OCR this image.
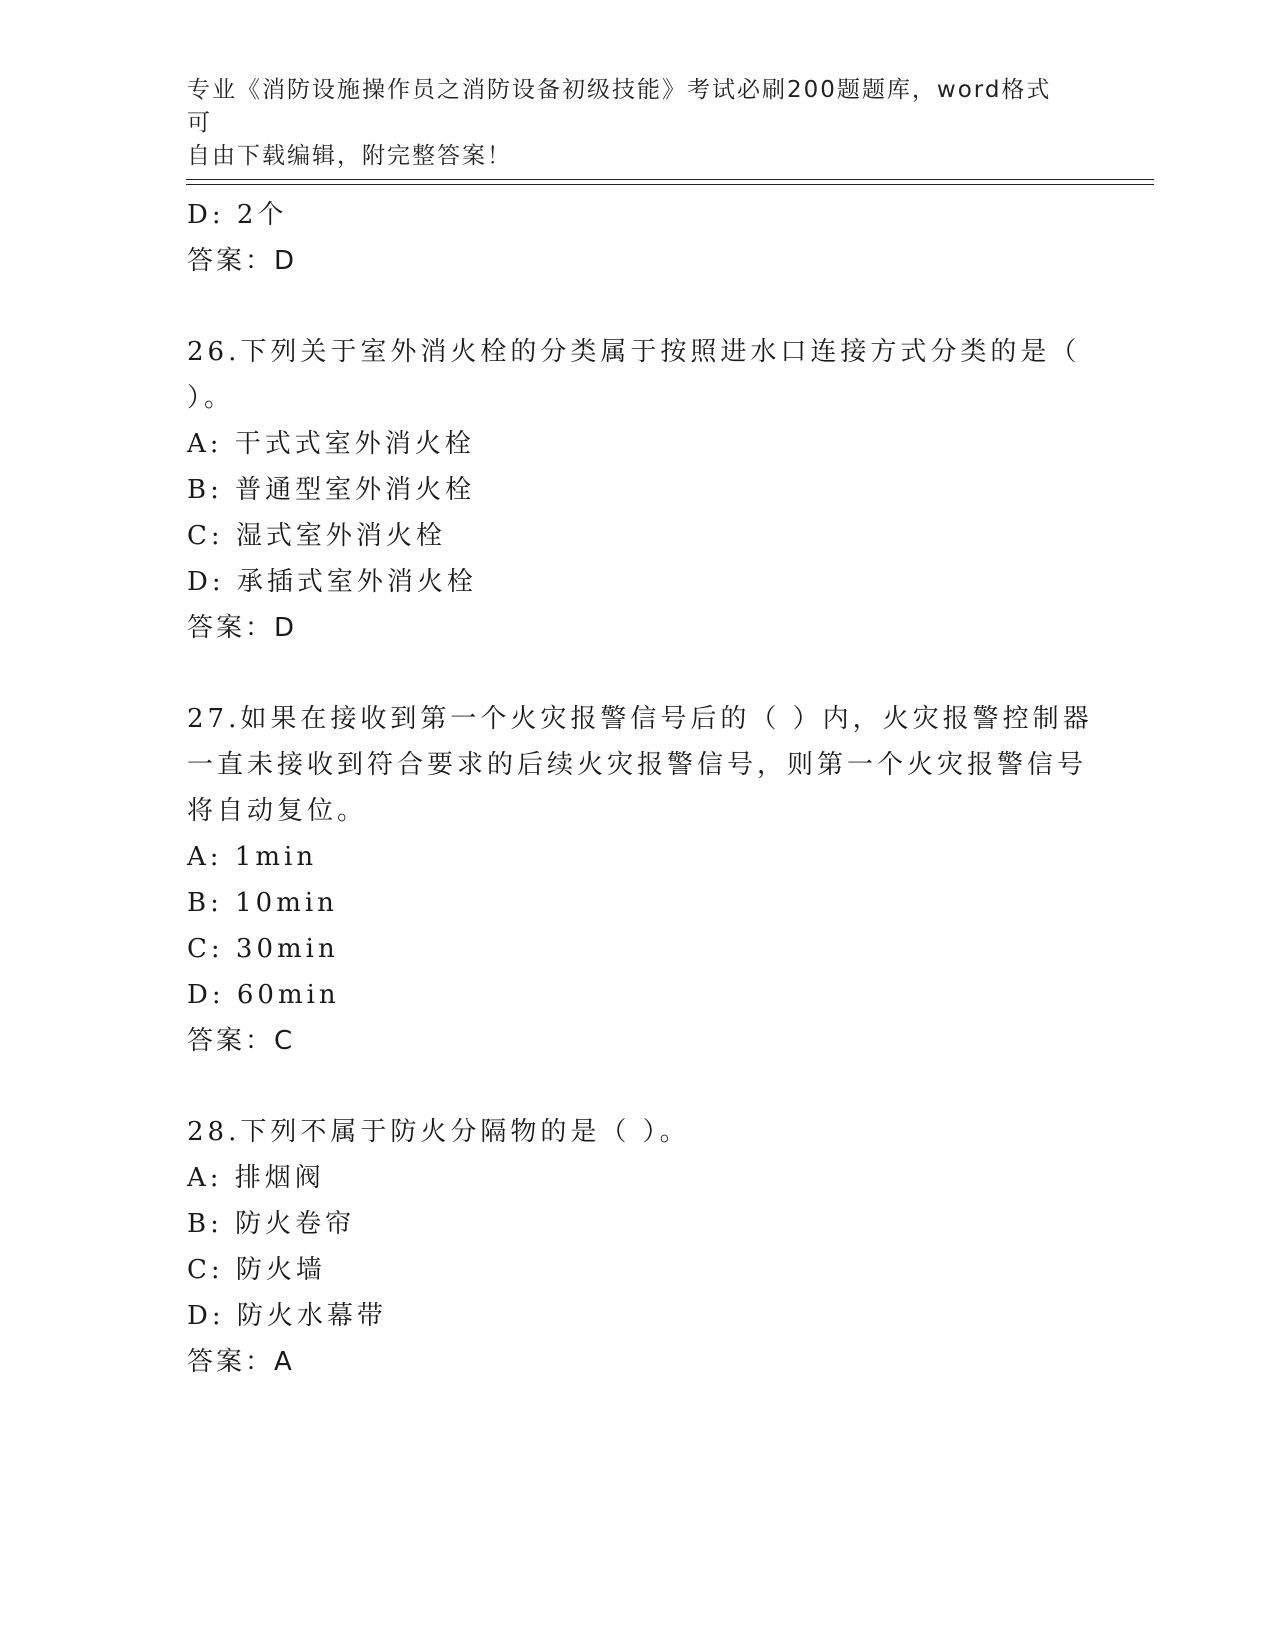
专业《消防设施操作员之消防设备初级技能》考试必刷200题题库，word格式可
自由下载编辑，附完整答案！
D: 2个
答案：D
26.下列关于室外消火栓的分类属于按照进水口连接方式分类的是（
）。
A: 干式式室外消火栓
B: 普通型室外消火栓
C: 湿式室外消火栓
D: 承插式室外消火栓
答案：D
27.如果在接收到第一个火灾报警信号后的（ ）内，火灾报警控制器
一直未接收到符合要求的后续火灾报警信号，则第一个火灾报警信号
将自动复位。
A: 1min
B: 10min
C: 30min
D: 60min
答案：C
28.下列不属于防火分隔物的是（ ）。
A: 排烟阀
B: 防火卷帘
C: 防火墙
D: 防火水幕带
答案：A
